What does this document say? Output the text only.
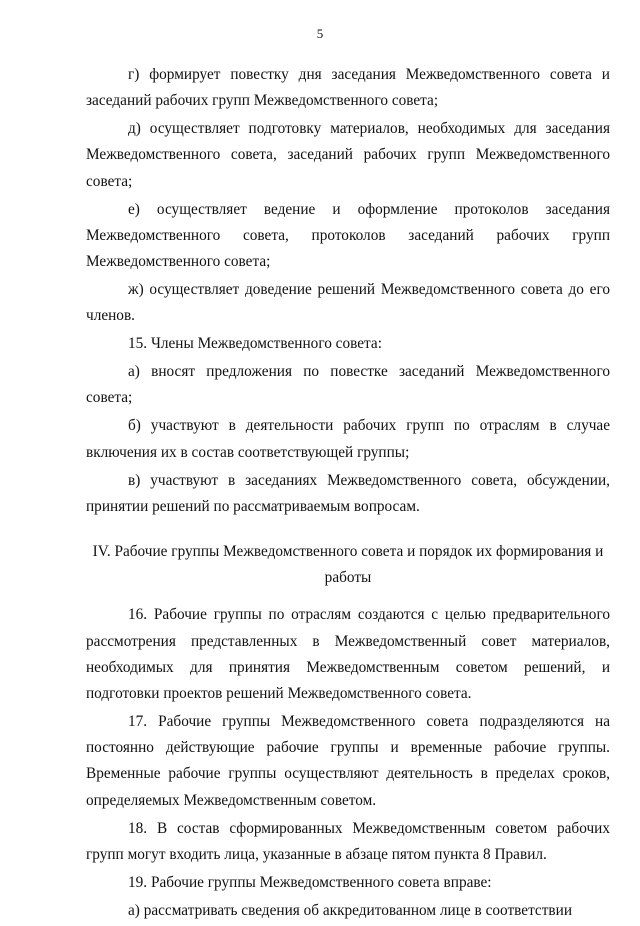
5

г) формирует повестку дня заседания Межведомственного совета и заседаний рабочих групп Межведомственного совета;

д) осуществляет подготовку материалов, необходимых для заседания Межведомственного совета, заседаний рабочих групп Межведомственного совета;

е) осуществляет ведение и оформление протоколов заседания Межведомственного совета, протоколов заседаний рабочих групп Межведомственного совета;

ж) осуществляет доведение решений Межведомственного совета до его членов.

15. Члены Межведомственного совета:

а) вносят предложения по повестке заседаний Межведомственного совета;

б) участвуют в деятельности рабочих групп по отраслям в случае включения их в состав соответствующей группы;

в) участвуют в заседаниях Межведомственного совета, обсуждении, принятии решений по рассматриваемым вопросам.

IV. Рабочие группы Межведомственного совета и порядок их формирования и
работы

16. Рабочие группы по отраслям создаются с целью предварительного рассмотрения представленных в Межведомственный совет материалов, необходимых для принятия Межведомственным советом решений, и подготовки проектов решений Межведомственного совета.

17. Рабочие группы Межведомственного совета подразделяются на постоянно действующие рабочие группы и временные рабочие группы. Временные рабочие группы осуществляют деятельность в пределах сроков, определяемых Межведомственным советом.

18. В состав сформированных Межведомственным советом рабочих групп могут входить лица, указанные в абзаце пятом пункта 8 Правил.

19. Рабочие группы Межведомственного совета вправе:

а) рассматривать сведения об аккредитованном лице в соответствии
